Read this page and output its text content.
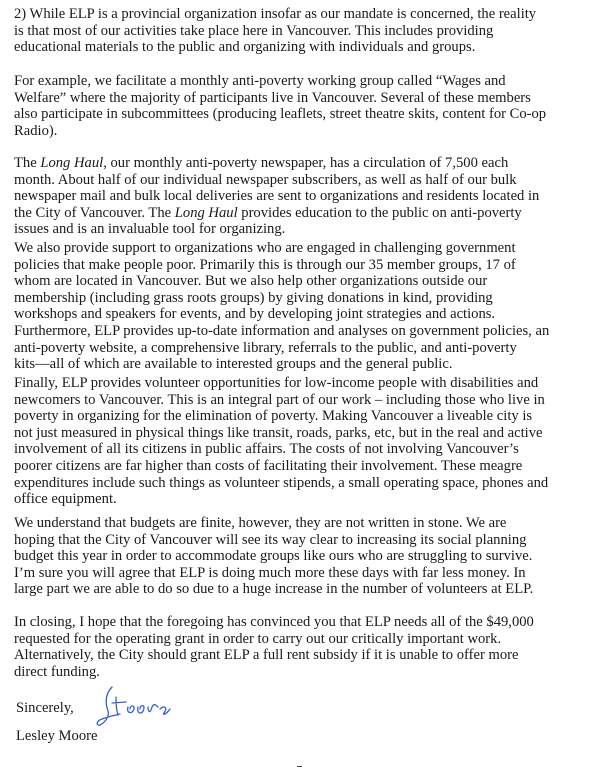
2) While ELP is a provincial organization insofar as our mandate is concerned, the reality
is that most of our activities take place here in Vancouver. This includes providing
educational materials to the public and organizing with individuals and groups.

For example, we facilitate a monthly anti-poverty working group called “Wages and
Welfare” where the majority of participants live in Vancouver. Several of these members
also participate in subcommittees (producing leaflets, street theatre skits, content for Co-op
Radio).

The Long Haul, our monthly anti-poverty newspaper, has a circulation of 7,500 each
month. About half of our individual newspaper subscribers, as well as half of our bulk
newspaper mail and bulk local deliveries are sent to organizations and residents located in
the City of Vancouver. The Long Haul provides education to the public on anti-poverty
issues and is an invaluable tool for organizing.

We also provide support to organizations who are engaged in challenging government
policies that make people poor. Primarily this is through our 35 member groups, 17 of
whom are located in Vancouver. But we also help other organizations outside our
membership (including grass roots groups) by giving donations in kind, providing
workshops and speakers for events, and by developing joint strategies and actions.
Furthermore, ELP provides up-to-date information and analyses on government policies, an
anti-poverty website, a comprehensive library, referrals to the public, and anti-poverty
kits—all of which are available to interested groups and the general public.

Finally, ELP provides volunteer opportunities for low-income people with disabilities and
newcomers to Vancouver. This is an integral part of our work – including those who live in
poverty in organizing for the elimination of poverty. Making Vancouver a liveable city is
not just measured in physical things like transit, roads, parks, etc, but in the real and active
involvement of all its citizens in public affairs. The costs of not involving Vancouver’s
poorer citizens are far higher than costs of facilitating their involvement. These meagre
expenditures include such things as volunteer stipends, a small operating space, phones and
office equipment.

We understand that budgets are finite, however, they are not written in stone. We are
hoping that the City of Vancouver will see its way clear to increasing its social planning
budget this year in order to accommodate groups like ours who are struggling to survive.
I’m sure you will agree that ELP is doing much more these days with far less money. In
large part we are able to do so due to a huge increase in the number of volunteers at ELP.

In closing, I hope that the foregoing has convinced you that ELP needs all of the $49,000
requested for the operating grant in order to carry out our critically important work.
Alternatively, the City should grant ELP a full rent subsidy if it is unable to offer more
direct funding.

Sincerely,
Lesley Moore
